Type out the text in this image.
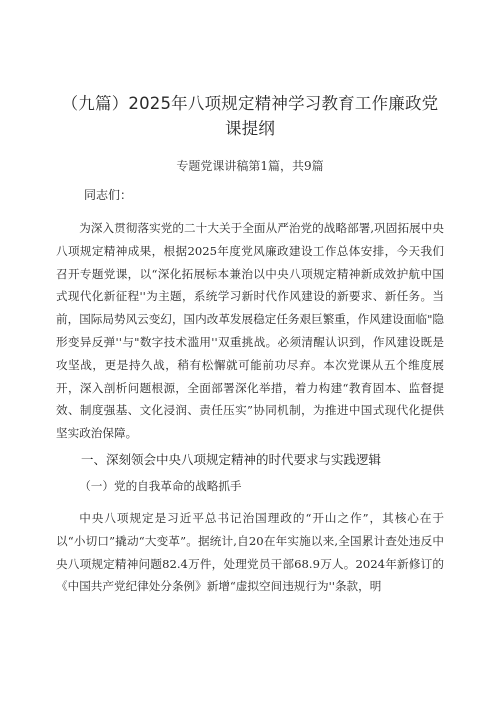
（九篇）2025年八项规定精神学习教育工作廉政党课提纲
专题党课讲稿第1篇，共9篇
同志们：

为深入贯彻落实党的二十大关于全面从严治党的战略部署,巩固拓展中央八项规定精神成果，根据2025年度党风廉政建设工作总体安排，今天我们召开专题党课，以“深化拓展标本兼治以中央八项规定精神新成效护航中国式现代化新征程''为主题，系统学习新时代作风建设的新要求、新任务。当前，国际局势风云变幻，国内改革发展稳定任务艰巨繁重，作风建设面临"隐形变异反弹''与"数字技术滥用''双重挑战。必须清醒认识到，作风建设既是攻坚战，更是持久战，稍有松懈就可能前功尽弃。本次党课从五个维度展开，深入剖析问题根源，全面部署深化举措，着力构建“教育固本、监督提效、制度强基、文化浸润、责任压实”协同机制，为推进中国式现代化提供坚实政治保障。

一、深刻领会中央八项规定精神的时代要求与实践逻辑
（一）党的自我革命的战略抓手

中央八项规定是习近平总书记治国理政的“开山之作”，其核心在于以“小切口”撬动“大变革”。据统计,自20在年实施以来,全国累计查处违反中央八项规定精神问题82.4万件，处理党员干部68.9万人。2024年新修订的《中国共产党纪律处分条例》新增“虚拟空间违规行为''条款，明
